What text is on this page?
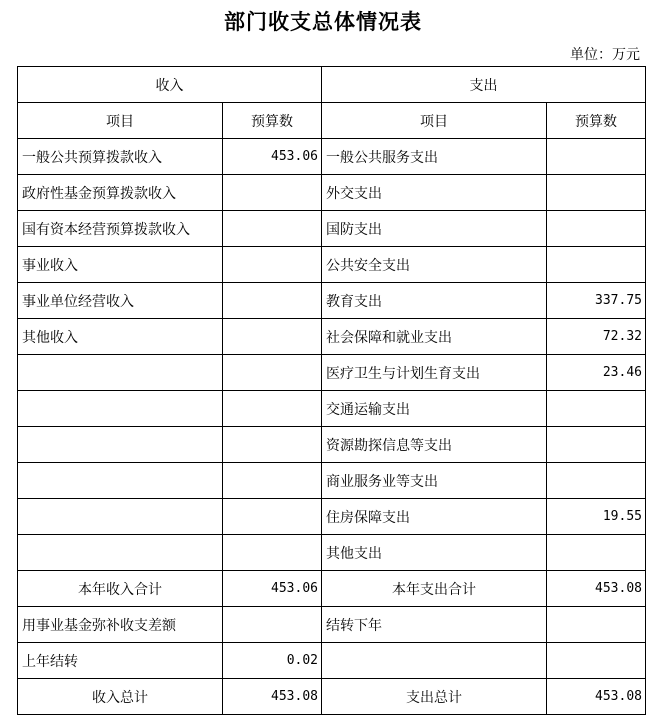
部门收支总体情况表
单位：万元
收入		支出	
项目	预算数	项目	预算数
一般公共预算拨款收入	453.06	一般公共服务支出	
政府性基金预算拨款收入		外交支出	
国有资本经营预算拨款收入		国防支出	
事业收入		公共安全支出	
事业单位经营收入		教育支出	337.75
其他收入		社会保障和就业支出	72.32
		医疗卫生与计划生育支出	23.46
		交通运输支出	
		资源勘探信息等支出	
		商业服务业等支出	
		住房保障支出	19.55
		其他支出	
本年收入合计	453.06	本年支出合计	453.08
用事业基金弥补收支差额		结转下年	
上年结转	0.02		
收入总计	453.08	支出总计	453.08
